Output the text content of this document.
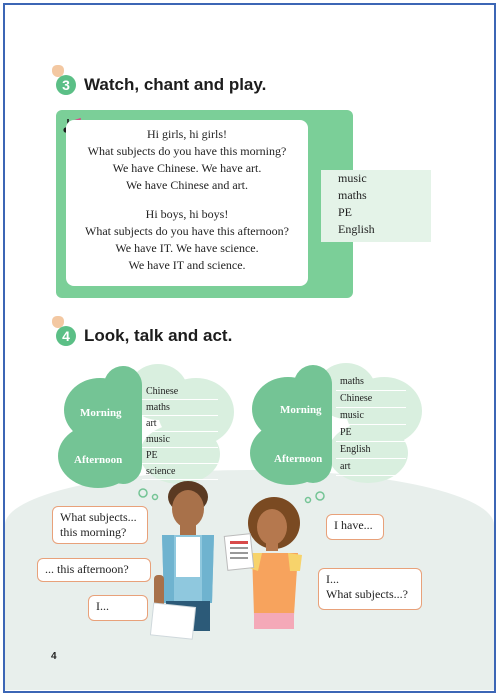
3 Watch, chant and play.
Hi girls, hi girls!
What subjects do you have this morning?
We have Chinese. We have art.
We have Chinese and art.
Hi boys, hi boys!
What subjects do you have this afternoon?
We have IT. We have science.
We have IT and science.
music
maths
PE
English
4 Look, talk and act.
Morning
Afternoon
Chinese
maths
art
music
PE
science
Morning
Afternoon
maths
Chinese
music
PE
English
art
What subjects... this morning?
... this afternoon?
I...
I have...
I...
What subjects...?
4
